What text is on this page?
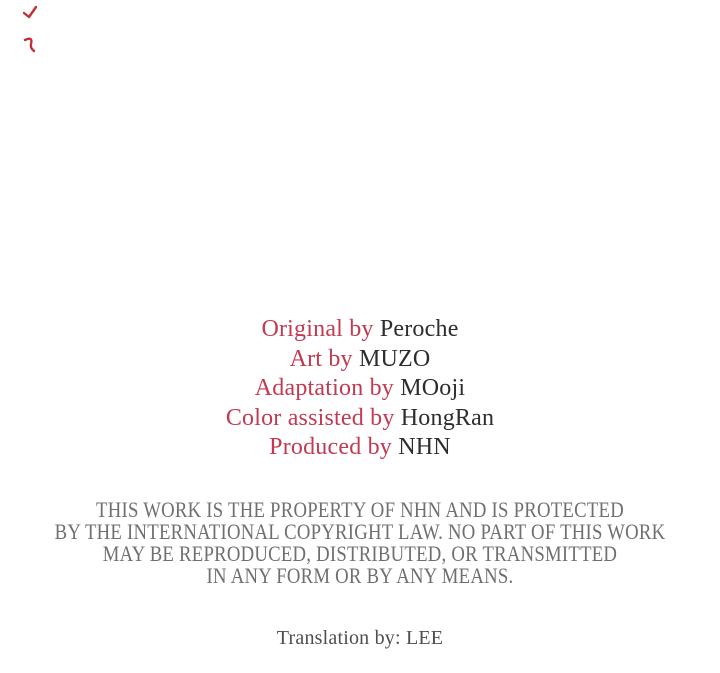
Original by Peroche
Art by MUZO
Adaptation by MOoji
Color assisted by HongRan
Produced by NHN
THIS WORK IS THE PROPERTY OF NHN AND IS PROTECTED
BY THE INTERNATIONAL COPYRIGHT LAW. NO PART OF THIS WORK
MAY BE REPRODUCED, DISTRIBUTED, OR TRANSMITTED
IN ANY FORM OR BY ANY MEANS.
Translation by: LEE
